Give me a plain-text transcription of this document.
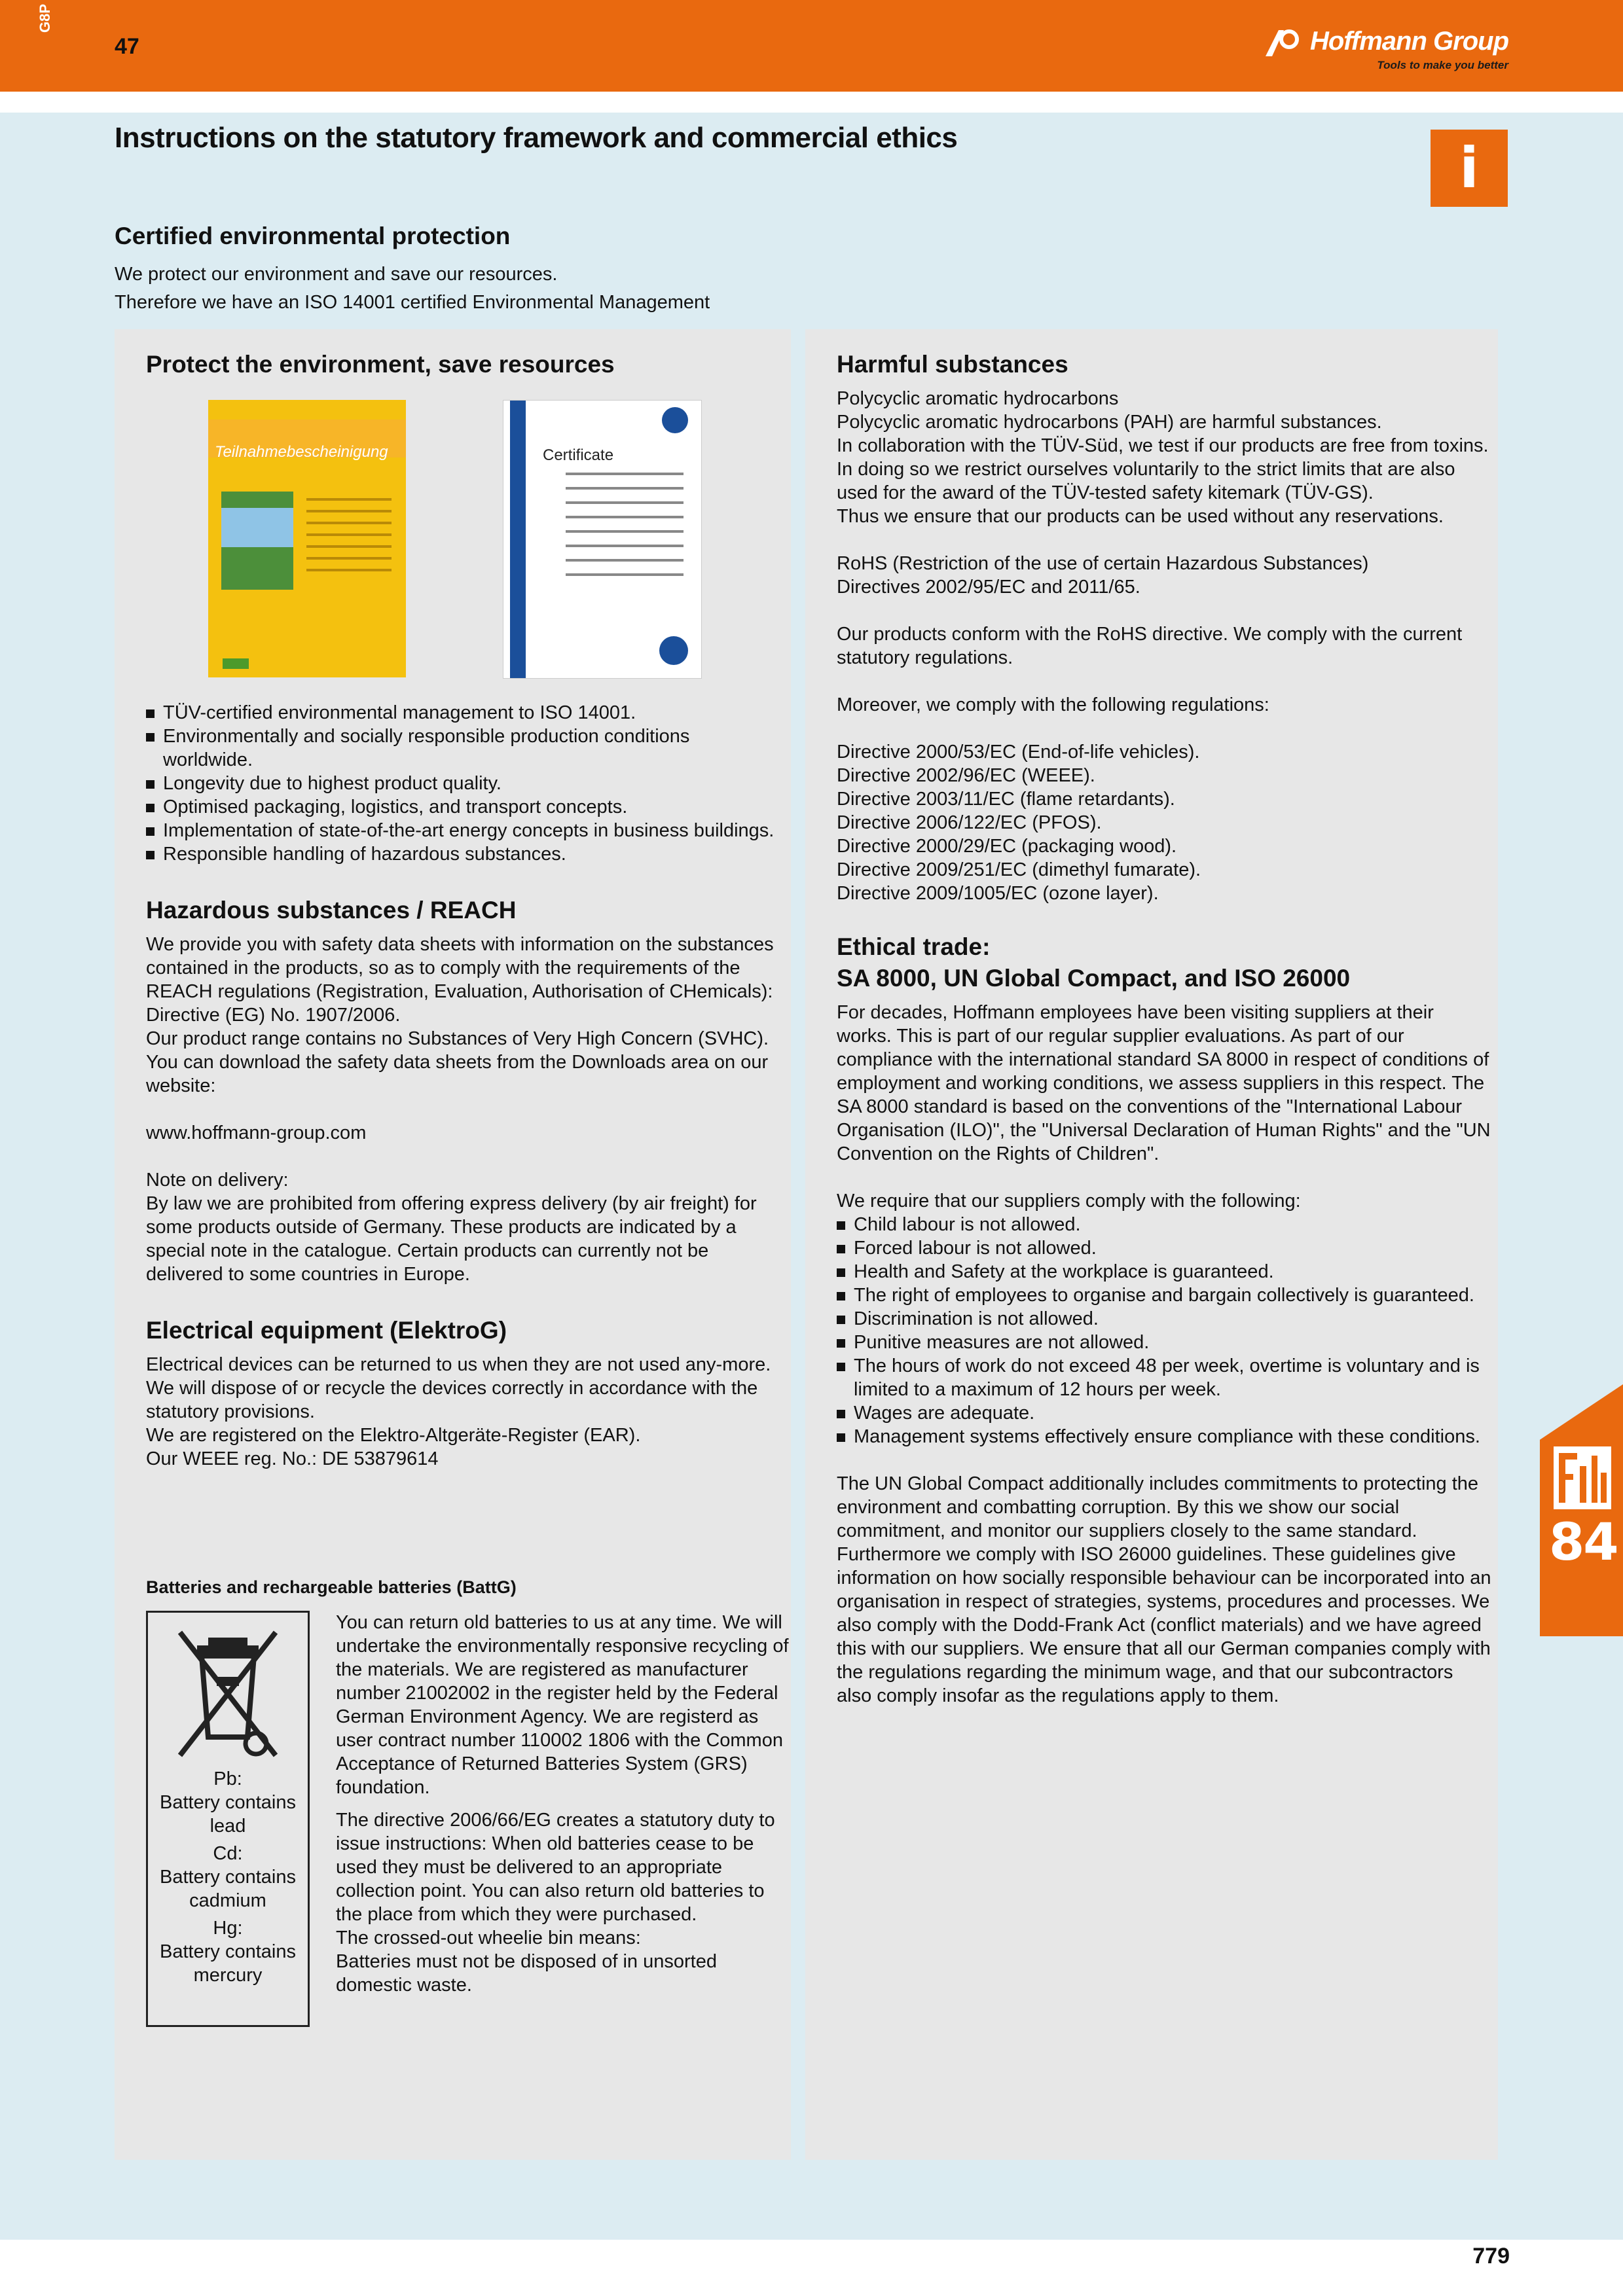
G8P
47	Hoffmann Group
Tools to make you better
Instructions on the statutory framework and commercial ethics	i
Certified environmental protection
We protect our environment and save our resources.
Therefore we have an ISO 14001 certified Environmental Management
Protect the environment, save resources
Teilnahmebescheinigung	Certificate
TÜV-certified environmental management to ISO 14001.
Environmentally and socially responsible production conditions worldwide.
Longevity due to highest product quality.
Optimised packaging, logistics, and transport concepts.
Implementation of state-of-the-art energy concepts in business buildings.
Responsible handling of hazardous substances.
Hazardous substances / REACH

We provide you with safety data sheets with information on the substances contained in the products, so as to comply with the requirements of the REACH regulations (Registration, Evaluation, Authorisation of CHemicals): Directive (EG) No. 1907/2006.

Our product range contains no Substances of Very High Concern (SVHC). You can download the safety data sheets from the Downloads area on our website:

www.hoffmann-group.com

Note on delivery:

By law we are prohibited from offering express delivery (by air freight) for some products outside of Germany. These products are indicated by a special note in the catalogue. Certain products can currently not be delivered to some countries in Europe.

Electrical equipment (ElektroG)

Electrical devices can be returned to us when they are not used any-more.

We will dispose of or recycle the devices correctly in accordance with the statutory provisions.

We are registered on the Elektro-Altgeräte-Register (EAR).

Our WEEE reg. No.: DE 53879614

Batteries and rechargeable batteries (BattG)
Pb:
Battery contains lead
Cd:
Battery contains cadmium
Hg:
Battery contains mercury

You can return old batteries to us at any time. We will undertake the environmentally responsive recycling of the materials. We are registered as manufacturer number 21002002 in the register held by the Federal German Environment Agency. We are registerd as user contract number 110002 1806 with the Common Acceptance of Returned Batteries System (GRS) foundation.

The directive 2006/66/EG creates a statutory duty to issue instructions: When old batteries cease to be used they must be delivered to an appropriate collection point. You can also return old batteries to the place from which they were purchased.

The crossed-out wheelie bin means:

Batteries must not be disposed of in unsorted domestic waste.

Harmful substances

Polycyclic aromatic hydrocarbons

Polycyclic aromatic hydrocarbons (PAH) are harmful substances.

In collaboration with the TÜV-Süd, we test if our products are free from toxins.

In doing so we restrict ourselves voluntarily to the strict limits that are also used for the award of the TÜV-tested safety kitemark (TÜV-GS).

Thus we ensure that our products can be used without any reservations.

RoHS (Restriction of the use of certain Hazardous Substances)

Directives 2002/95/EC and 2011/65.

Our products conform with the RoHS directive. We comply with the current statutory regulations.

Moreover, we comply with the following regulations:

Directive 2000/53/EC (End-of-life vehicles).

Directive 2002/96/EC (WEEE).

Directive 2003/11/EC (flame retardants).

Directive 2006/122/EC (PFOS).

Directive 2000/29/EC (packaging wood).

Directive 2009/251/EC (dimethyl fumarate).

Directive 2009/1005/EC (ozone layer).

Ethical trade:
SA 8000, UN Global Compact, and ISO 26000

For decades, Hoffmann employees have been visiting suppliers at their works. This is part of our regular supplier evaluations. As part of our compliance with the international standard SA 8000 in respect of conditions of employment and working conditions, we assess suppliers in this respect. The SA 8000 standard is based on the conventions of the "International Labour Organisation (ILO)", the "Universal Declaration of Human Rights" and the "UN Convention on the Rights of Children".

We require that our suppliers comply with the following:

Child labour is not allowed.
Forced labour is not allowed.
Health and Safety at the workplace is guaranteed.
The right of employees to organise and bargain collectively is guaranteed.
Discrimination is not allowed.
Punitive measures are not allowed.
The hours of work do not exceed 48 per week, overtime is voluntary and is limited to a maximum of 12 hours per week.
Wages are adequate.
Management systems effectively ensure compliance with these conditions.

The UN Global Compact additionally includes commitments to protecting the environment and combatting corruption. By this we show our social commitment, and monitor our suppliers closely to the same standard.

Furthermore we comply with ISO 26000 guidelines. These guidelines give information on how socially responsible behaviour can be incorporated into an organisation in respect of strategies, systems, procedures and processes. We also comply with the Dodd-Frank Act (conflict materials) and we have agreed this with our suppliers. We ensure that all our German companies comply with the regulations regarding the minimum wage, and that our subcontractors also comply insofar as the regulations apply to them.

84
779
